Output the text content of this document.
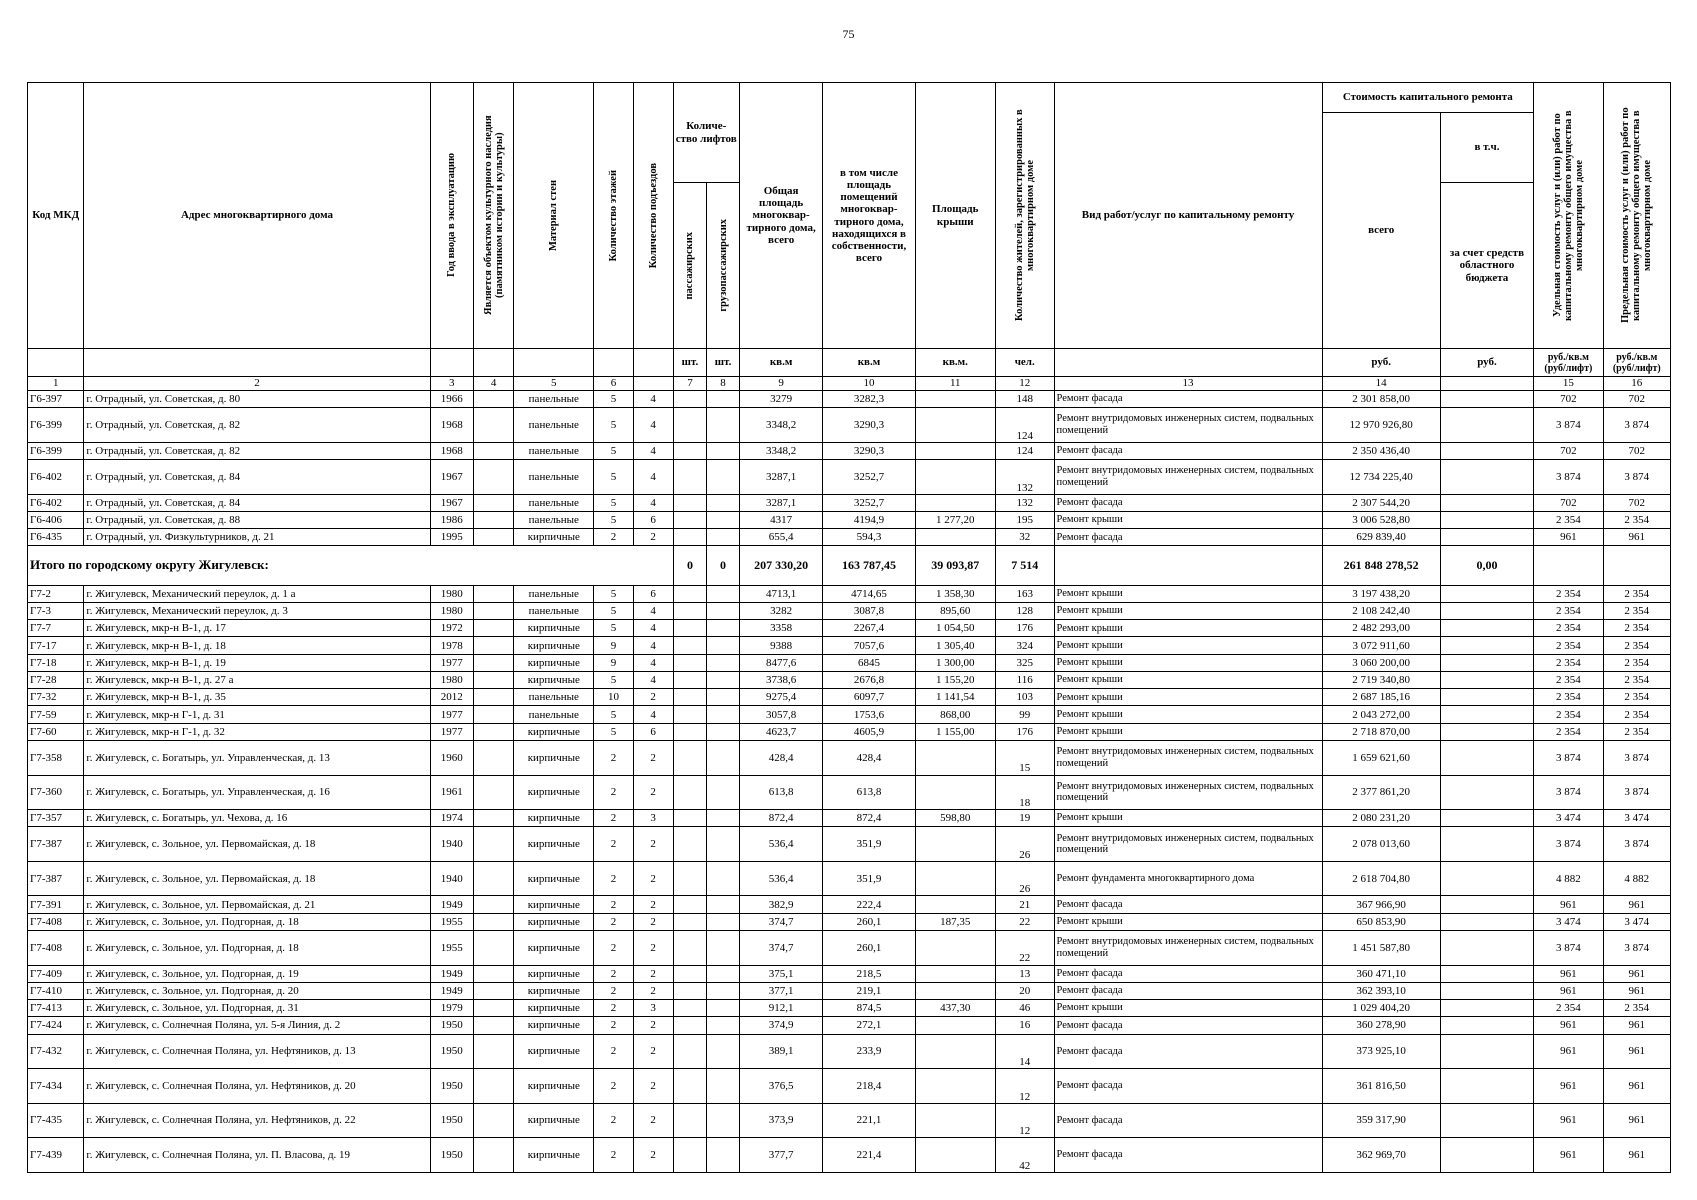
75
Код МКД	Адрес многоквартирного дома	Год ввода в эксплуатацию	Является объектом культурного наследия (памятником истории и культуры)	Материал стен	Количество этажей	Количество подъездов	Количе-ство лифтов		Общая площадь многоквар-тирного дома, всего	в том числе площадь помещений многоквар-тирного дома, находящихся в собственности, всего	Площадь крыши	Количество жителей, зарегистрированных в многоквартирном доме	Вид работ/услуг по капитальному ремонту	Стоимость капитального ремонта		Удельная стоимость услуг и (или) работ по капитальному ремонту общего имущества в многоквартирном доме	Предельная стоимость услуг и (или) работ по капитальному ремонту общего имущества в многоквартирном доме

														всего	в т.ч.		

							пассажирских	грузопассажирских							за счет средств областного бюджета		
							шт.	шт.	кв.м	кв.м	кв.м.	чел.		руб.	руб.	руб./кв.м (руб/лифт)	руб./кв.м (руб/лифт)
1	2	3	4	5	6		7	8	9	10	11	12	13	14		15	16
Г6-397	г. Отрадный, ул. Советская, д. 80	1966		панельные	5	4			3279	3282,3		148	Ремонт фасада	2 301 858,00		702	702
Г6-399	г. Отрадный, ул. Советская, д. 82	1968		панельные	5	4			3348,2	3290,3		124	Ремонт внутридомовых инженерных систем, подвальных помещений	12 970 926,80		3 874	3 874
Г6-399	г. Отрадный, ул. Советская, д. 82	1968		панельные	5	4			3348,2	3290,3		124	Ремонт фасада	2 350 436,40		702	702
Г6-402	г. Отрадный, ул. Советская, д. 84	1967		панельные	5	4			3287,1	3252,7		132	Ремонт внутридомовых инженерных систем, подвальных помещений	12 734 225,40		3 874	3 874
Г6-402	г. Отрадный, ул. Советская, д. 84	1967		панельные	5	4			3287,1	3252,7		132	Ремонт фасада	2 307 544,20		702	702
Г6-406	г. Отрадный, ул. Советская, д. 88	1986		панельные	5	6			4317	4194,9	1 277,20	195	Ремонт крыши	3 006 528,80		2 354	2 354
Г6-435	г. Отрадный, ул. Физкультурников, д. 21	1995		кирпичные	2	2			655,4	594,3		32	Ремонт фасада	629 839,40		961	961
Итого по городскому округу Жигулевск:							0	0	207 330,20	163 787,45	39 093,87	7 514		261 848 278,52	0,00		
Г7-2	г. Жигулевск, Механический переулок, д. 1 а	1980		панельные	5	6			4713,1	4714,65	1 358,30	163	Ремонт крыши	3 197 438,20		2 354	2 354
Г7-3	г. Жигулевск, Механический переулок, д. 3	1980		панельные	5	4			3282	3087,8	895,60	128	Ремонт крыши	2 108 242,40		2 354	2 354
Г7-7	г. Жигулевск, мкр-н В-1, д. 17	1972		кирпичные	5	4			3358	2267,4	1 054,50	176	Ремонт крыши	2 482 293,00		2 354	2 354
Г7-17	г. Жигулевск, мкр-н В-1, д. 18	1978		кирпичные	9	4			9388	7057,6	1 305,40	324	Ремонт крыши	3 072 911,60		2 354	2 354
Г7-18	г. Жигулевск, мкр-н В-1, д. 19	1977		кирпичные	9	4			8477,6	6845	1 300,00	325	Ремонт крыши	3 060 200,00		2 354	2 354
Г7-28	г. Жигулевск, мкр-н В-1, д. 27 а	1980		кирпичные	5	4			3738,6	2676,8	1 155,20	116	Ремонт крыши	2 719 340,80		2 354	2 354
Г7-32	г. Жигулевск, мкр-н В-1, д. 35	2012		панельные	10	2			9275,4	6097,7	1 141,54	103	Ремонт крыши	2 687 185,16		2 354	2 354
Г7-59	г. Жигулевск, мкр-н Г-1, д. 31	1977		панельные	5	4			3057,8	1753,6	868,00	99	Ремонт крыши	2 043 272,00		2 354	2 354
Г7-60	г. Жигулевск, мкр-н Г-1, д. 32	1977		кирпичные	5	6			4623,7	4605,9	1 155,00	176	Ремонт крыши	2 718 870,00		2 354	2 354
Г7-358	г. Жигулевск, с. Богатырь, ул. Управленческая, д. 13	1960		кирпичные	2	2			428,4	428,4		15	Ремонт внутридомовых инженерных систем, подвальных помещений	1 659 621,60		3 874	3 874
Г7-360	г. Жигулевск, с. Богатырь, ул. Управленческая, д. 16	1961		кирпичные	2	2			613,8	613,8		18	Ремонт внутридомовых инженерных систем, подвальных помещений	2 377 861,20		3 874	3 874
Г7-357	г. Жигулевск, с. Богатырь, ул. Чехова, д. 16	1974		кирпичные	2	3			872,4	872,4	598,80	19	Ремонт крыши	2 080 231,20		3 474	3 474
Г7-387	г. Жигулевск, с. Зольное, ул. Первомайская, д. 18	1940		кирпичные	2	2			536,4	351,9		26	Ремонт внутридомовых инженерных систем, подвальных помещений	2 078 013,60		3 874	3 874
Г7-387	г. Жигулевск, с. Зольное, ул. Первомайская, д. 18	1940		кирпичные	2	2			536,4	351,9		26	Ремонт фундамента многоквартирного дома	2 618 704,80		4 882	4 882
Г7-391	г. Жигулевск, с. Зольное, ул. Первомайская, д. 21	1949		кирпичные	2	2			382,9	222,4		21	Ремонт фасада	367 966,90		961	961
Г7-408	г. Жигулевск, с. Зольное, ул. Подгорная, д. 18	1955		кирпичные	2	2			374,7	260,1	187,35	22	Ремонт крыши	650 853,90		3 474	3 474
Г7-408	г. Жигулевск, с. Зольное, ул. Подгорная, д. 18	1955		кирпичные	2	2			374,7	260,1		22	Ремонт внутридомовых инженерных систем, подвальных помещений	1 451 587,80		3 874	3 874
Г7-409	г. Жигулевск, с. Зольное, ул. Подгорная, д. 19	1949		кирпичные	2	2			375,1	218,5		13	Ремонт фасада	360 471,10		961	961
Г7-410	г. Жигулевск, с. Зольное, ул. Подгорная, д. 20	1949		кирпичные	2	2			377,1	219,1		20	Ремонт фасада	362 393,10		961	961
Г7-413	г. Жигулевск, с. Зольное, ул. Подгорная, д. 31	1979		кирпичные	2	3			912,1	874,5	437,30	46	Ремонт крыши	1 029 404,20		2 354	2 354
Г7-424	г. Жигулевск, с. Солнечная Поляна, ул. 5-я Линия, д. 2	1950		кирпичные	2	2			374,9	272,1		16	Ремонт фасада	360 278,90		961	961
Г7-432	г. Жигулевск, с. Солнечная Поляна, ул. Нефтяников, д. 13	1950		кирпичные	2	2			389,1	233,9		14	Ремонт фасада	373 925,10		961	961
Г7-434	г. Жигулевск, с. Солнечная Поляна, ул. Нефтяников, д. 20	1950		кирпичные	2	2			376,5	218,4		12	Ремонт фасада	361 816,50		961	961
Г7-435	г. Жигулевск, с. Солнечная Поляна, ул. Нефтяников, д. 22	1950		кирпичные	2	2			373,9	221,1		12	Ремонт фасада	359 317,90		961	961
Г7-439	г. Жигулевск, с. Солнечная Поляна, ул. П. Власова, д. 19	1950		кирпичные	2	2			377,7	221,4		42	Ремонт фасада	362 969,70		961	961
